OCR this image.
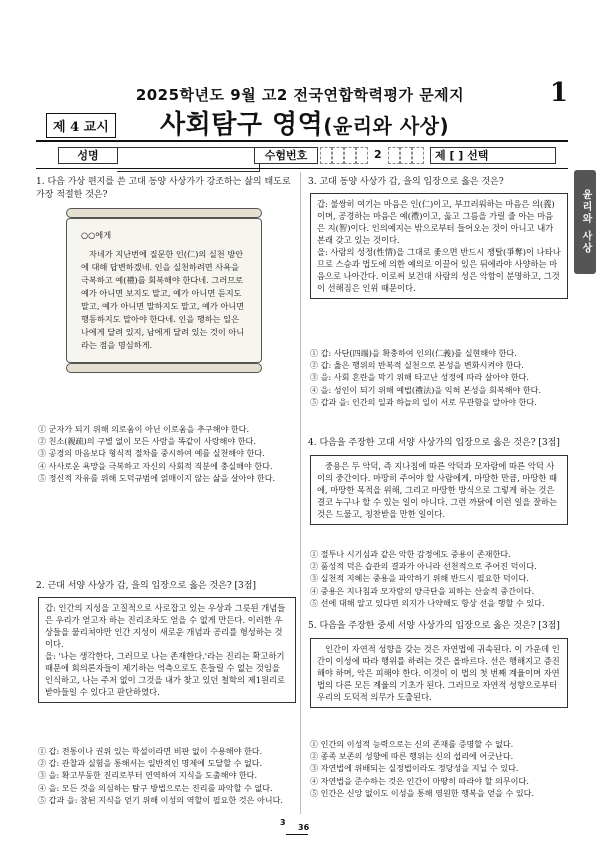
2025학년도 9월 고2 전국연합학력평가 문제지	1
제 4 교시 사회탐구 영역(윤리와 사상)
성명	수험번호	2	제 [ ] 선택
윤리와 사상
1. 다음 가상 편지를 쓴 고대 동양 사상가가 강조하는 삶의 태도로 가장 적절한 것은?
○○에게
자네가 지난번에 질문한 인(仁)의 실천 방안에 대해 답변하겠네. 인을 실천하려면 사욕을 극복하고 예(禮)를 회복해야 한다네. 그러므로 예가 아니면 보지도 말고, 예가 아니면 듣지도 말고, 예가 아니면 말하지도 말고, 예가 아니면 행동하지도 말아야 한다네. 인을 행하는 일은 나에게 달려 있지, 남에게 달려 있는 것이 아니라는 점을 명심하게.
① 군자가 되기 위해 의로움이 아닌 이로움을 추구해야 한다.
② 친소(親疏)의 구별 없이 모든 사람을 똑같이 사랑해야 한다.
③ 공경의 마음보다 형식적 절차를 중시하여 예를 실천해야 한다.
④ 사사로운 욕망을 극복하고 자신의 사회적 직분에 충실해야 한다.
⑤ 정신적 자유를 위해 도덕규범에 얽매이지 않는 삶을 살아야 한다.
2. 근대 서양 사상가 갑, 을의 입장으로 옳은 것은? [3점]
갑: 인간의 지성을 고질적으로 사로잡고 있는 우상과 그릇된 개념들은 우리가 얻고자 하는 진리조차도 얻을 수 없게 만든다. 이러한 우상들을 물리쳐야만 인간 지성이 새로운 개념과 공리를 형성하는 것이다.
을: '나는 생각한다, 그러므로 나는 존재한다.'라는 진리는 확고하기 때문에 회의론자들이 제기하는 억측으로도 흔들릴 수 없는 것임을 인식하고, 나는 주저 없이 그것을 내가 찾고 있던 철학의 제1원리로 받아들일 수 있다고 판단하였다.
① 갑: 전통이나 권위 있는 학설이라면 비판 없이 수용해야 한다.
② 갑: 관찰과 실험을 통해서는 일반적인 명제에 도달할 수 없다.
③ 을: 확고부동한 진리로부터 연역하여 지식을 도출해야 한다.
④ 을: 모든 것을 의심하는 탐구 방법으로는 진리를 파악할 수 없다.
⑤ 갑과 을: 참된 지식을 얻기 위해 이성의 역할이 필요한 것은 아니다.
3. 고대 동양 사상가 갑, 을의 입장으로 옳은 것은?
갑: 불쌍히 여기는 마음은 인(仁)이고, 부끄러워하는 마음은 의(義)이며, 공경하는 마음은 예(禮)이고, 옳고 그름을 가릴 줄 아는 마음은 지(智)이다. 인의예지는 밖으로부터 들어오는 것이 아니고 내가 본래 갖고 있는 것이다.
을: 사람의 성정(性情)을 그대로 좇으면 반드시 쟁탈(爭奪)이 나타나므로 스승과 법도에 의한 예의로 이끌어 있은 뒤에라야 사양하는 마음으로 나아간다. 이로써 보건대 사람의 성은 악함이 분명하고, 그것이 선해짐은 인위 때문이다.
① 갑: 사단(四端)을 확충하여 인의(仁義)를 실현해야 한다.
② 갑: 옳은 행위의 반복적 실천으로 본성을 변화시켜야 한다.
③ 을: 사회 혼란을 막기 위해 타고난 성정에 따라 살아야 한다.
④ 을: 성인이 되기 위해 예법(禮法)을 익혀 본성을 회복해야 한다.
⑤ 갑과 을: 인간의 일과 하늘의 일이 서로 무관함을 알아야 한다.
4. 다음을 주장한 고대 서양 사상가의 입장으로 옳은 것은? [3점]
중용은 두 악덕, 즉 지나침에 따른 악덕과 모자람에 따른 악덕 사이의 중간이다. 마땅히 주어야 할 사람에게, 마땅한 만큼, 마땅한 때에, 마땅한 목적을 위해, 그리고 마땅한 방식으로 그렇게 하는 것은 결코 누구나 할 수 있는 일이 아니다. 그런 까닭에 이런 일을 잘하는 것은 드물고, 칭찬받을 만한 일이다.
① 절투나 시기심과 같은 악한 감정에도 중용이 존재한다.
② 품성적 덕은 습관의 결과가 아니라 선천적으로 주어진 덕이다.
③ 실천적 지혜는 중용을 파악하기 위해 반드시 필요한 덕이다.
④ 중용은 지나침과 모자람의 양극단을 피하는 산술적 중간이다.
⑤ 선에 대해 알고 있다면 의지가 나약해도 항상 선을 행할 수 있다.
5. 다음을 주장한 중세 서양 사상가의 입장으로 옳은 것은? [3점]
인간이 자연적 성향을 갖는 것은 자연법에 귀속된다. 이 가운데 인간이 이성에 따라 행위를 하려는 것은 올바르다. 선은 행해지고 증진해야 하며, 악은 피해야 한다. 이것이 이 법의 첫 번째 계율이며 자연법의 다른 모든 계율의 기초가 된다. 그러므로 자연적 성향으로부터 우리의 도덕적 의무가 도출된다.
① 인간의 이성적 능력으로는 신의 존재를 증명할 수 없다.
② 종족 보존의 성향에 따른 행위는 신의 섭리에 어긋난다.
③ 자연법에 위배되는 실정법이라도 정당성을 지닐 수 있다.
④ 자연법을 준수하는 것은 인간이 마땅히 따라야 할 의무이다.
⑤ 인간은 신앙 없이도 이성을 통해 영원한 행복을 얻을 수 있다.
3
36
